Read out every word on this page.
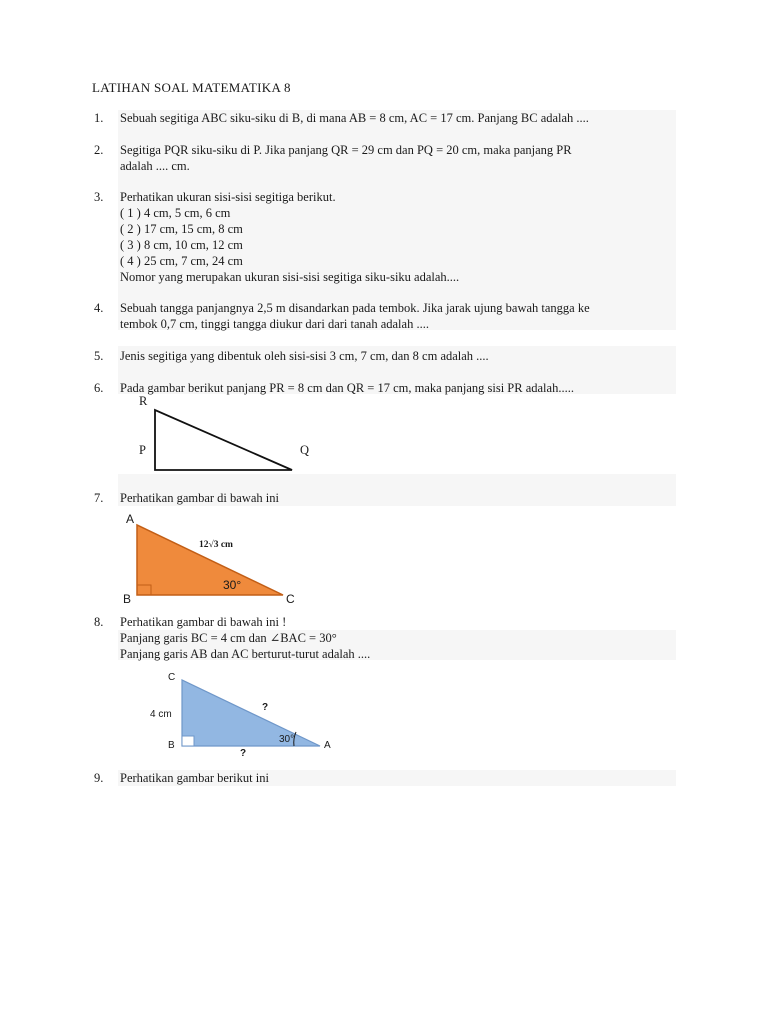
LATIHAN SOAL MATEMATIKA 8
1. Sebuah segitiga ABC siku-siku di B, di mana AB = 8 cm, AC = 17 cm. Panjang BC adalah ....
2. Segitiga PQR siku-siku di P. Jika panjang QR = 29 cm dan PQ = 20 cm, maka panjang PR
adalah .... cm.
3. Perhatikan ukuran sisi-sisi segitiga berikut.
( 1 ) 4 cm, 5 cm, 6 cm
( 2 ) 17 cm, 15 cm, 8 cm
( 3 ) 8 cm, 10 cm, 12 cm
( 4 ) 25 cm, 7 cm, 24 cm
Nomor yang merupakan ukuran sisi-sisi segitiga siku-siku adalah....
4. Sebuah tangga panjangnya 2,5 m disandarkan pada tembok. Jika jarak ujung bawah tangga ke
tembok 0,7 cm, tinggi tangga diukur dari dari tanah adalah ....
5. Jenis segitiga yang dibentuk oleh sisi-sisi 3 cm, 7 cm, dan 8 cm adalah ....
6. Pada gambar berikut panjang PR = 8 cm dan QR = 17 cm, maka panjang sisi PR adalah.....
R
P	Q
7. Perhatikan gambar di bawah ini
A
B	C
12√3 cm
30°
8. Perhatikan gambar di bawah ini !
Panjang garis BC = 4 cm dan ∠BAC = 30°
Panjang garis AB dan AC berturut-turut adalah ....
C
4 cm
B	A
?
?
30°
9. Perhatikan gambar berikut ini
